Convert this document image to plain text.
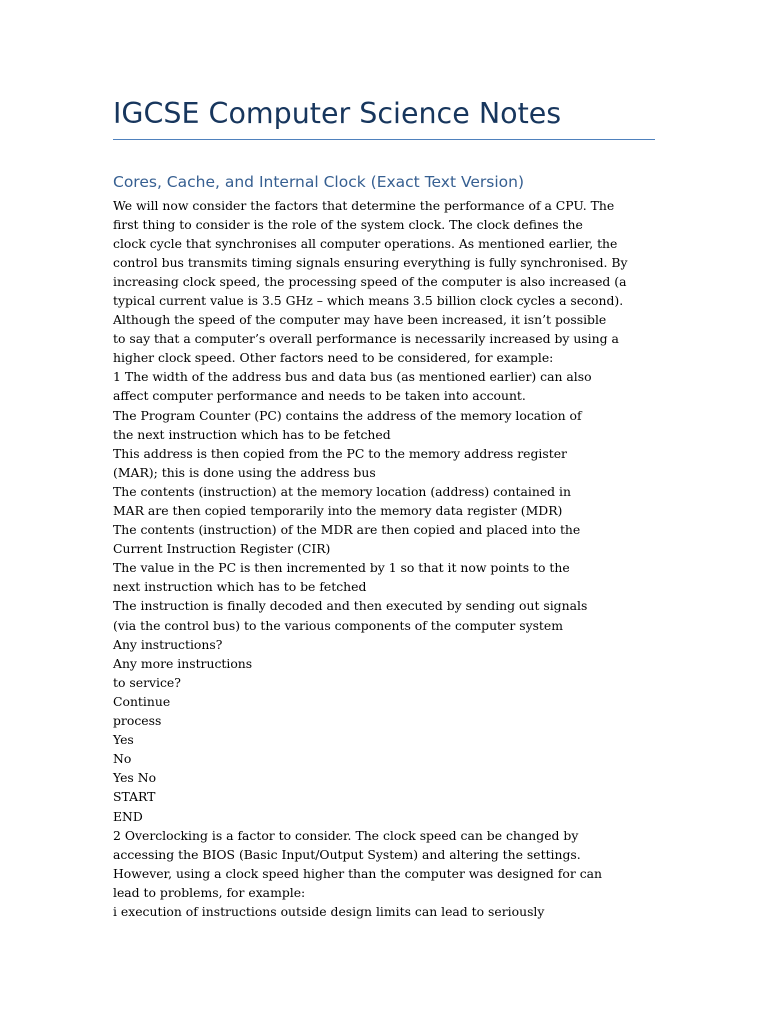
IGCSE Computer Science Notes
Cores, Cache, and Internal Clock (Exact Text Version)
We will now consider the factors that determine the performance of a CPU. The
first thing to consider is the role of the system clock. The clock defines the
clock cycle that synchronises all computer operations. As mentioned earlier, the
control bus transmits timing signals ensuring everything is fully synchronised. By
increasing clock speed, the processing speed of the computer is also increased (a
typical current value is 3.5 GHz – which means 3.5 billion clock cycles a second).
Although the speed of the computer may have been increased, it isn’t possible
to say that a computer’s overall performance is necessarily increased by using a
higher clock speed. Other factors need to be considered, for example:
1 The width of the address bus and data bus (as mentioned earlier) can also
affect computer performance and needs to be taken into account.
The Program Counter (PC) contains the address of the memory location of
the next instruction which has to be fetched
This address is then copied from the PC to the memory address register
(MAR); this is done using the address bus
The contents (instruction) at the memory location (address) contained in
MAR are then copied temporarily into the memory data register (MDR)
The contents (instruction) of the MDR are then copied and placed into the
Current Instruction Register (CIR)
The value in the PC is then incremented by 1 so that it now points to the
next instruction which has to be fetched
The instruction is finally decoded and then executed by sending out signals
(via the control bus) to the various components of the computer system
Any instructions?
Any more instructions
to service?
Continue
process
Yes
No
Yes No
START
END
2 Overclocking is a factor to consider. The clock speed can be changed by
accessing the BIOS (Basic Input/Output System) and altering the settings.
However, using a clock speed higher than the computer was designed for can
lead to problems, for example:
i execution of instructions outside design limits can lead to seriously
